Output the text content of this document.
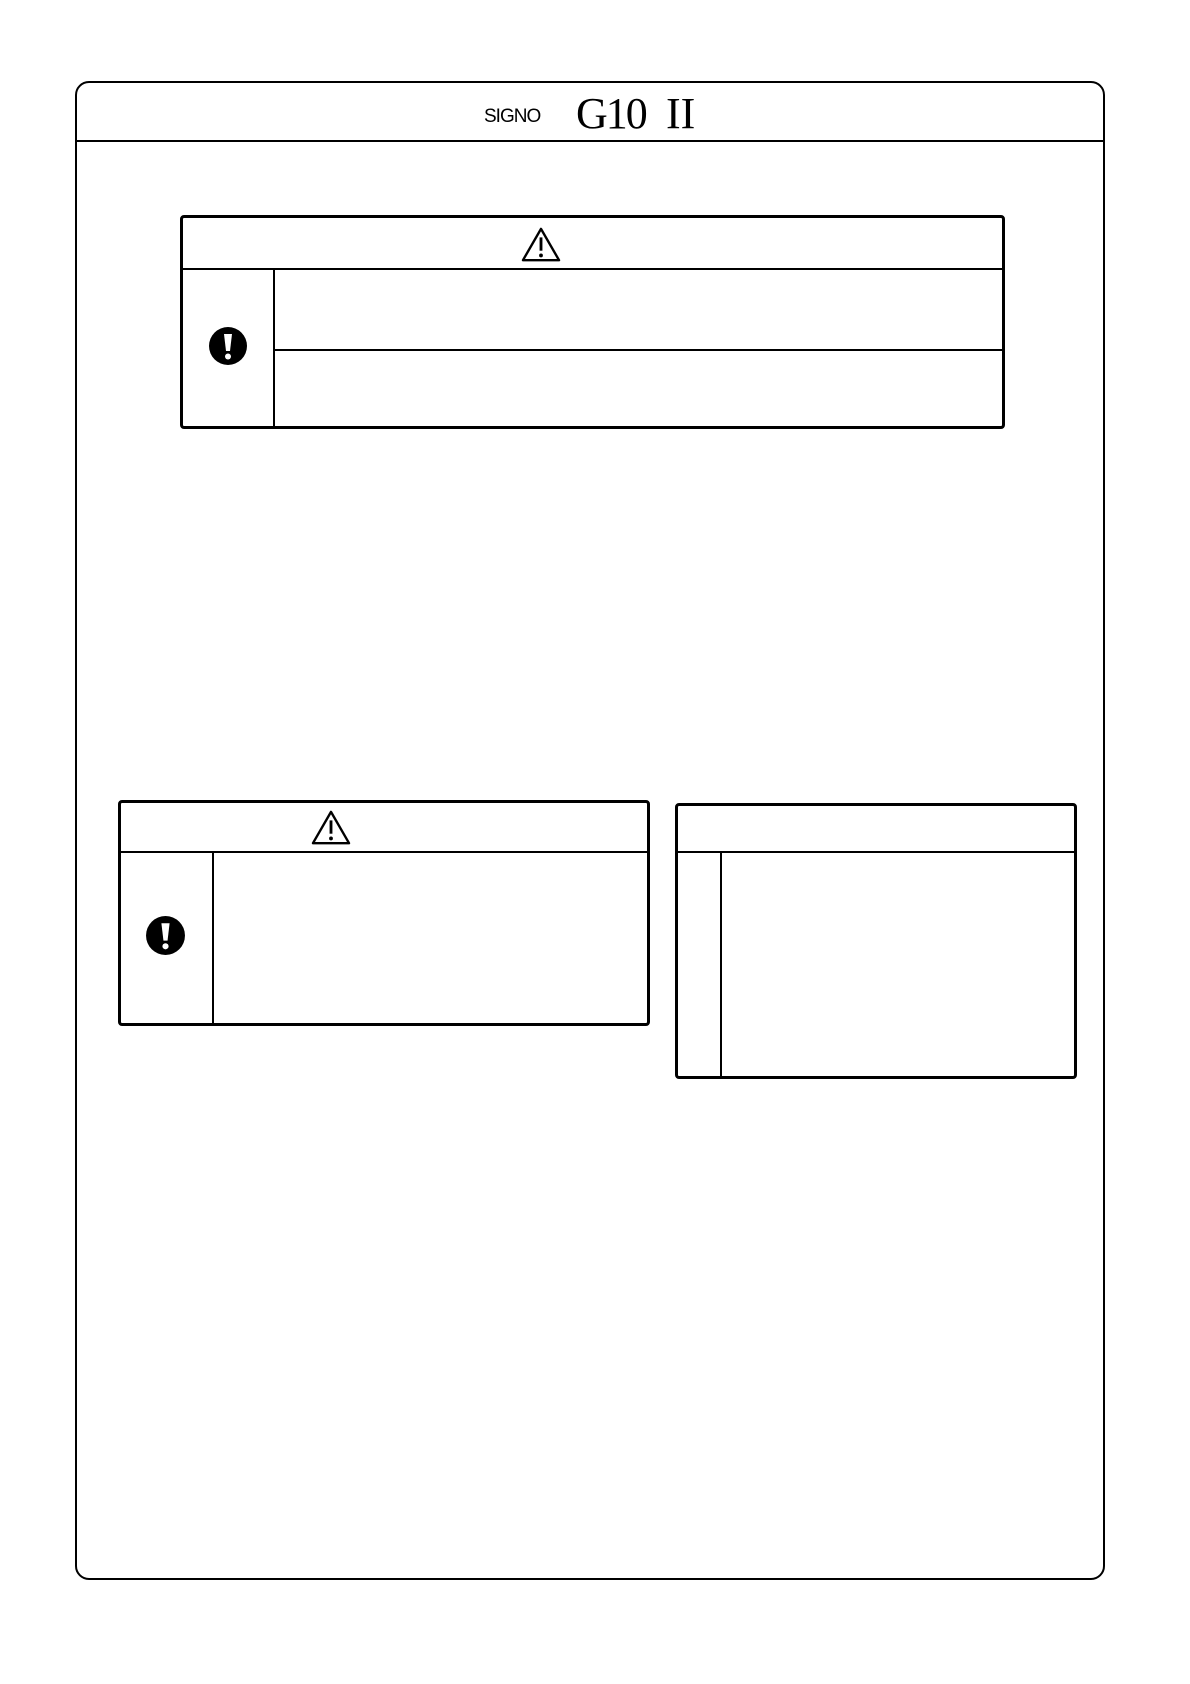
SIGNO G10 II
